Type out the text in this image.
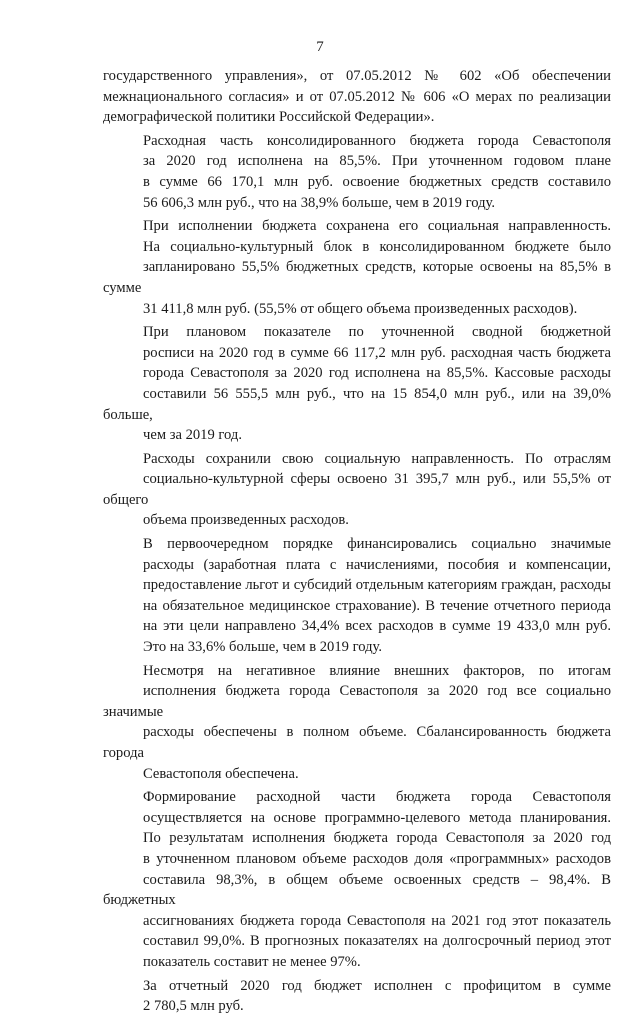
7

государственного управления», от 07.05.2012 № 602 «Об обеспечении
межнационального согласия» и от 07.05.2012 № 606 «О мерах по реализации
демографической политики Российской Федерации».

Расходная часть консолидированного бюджета города Севастополя
за 2020 год исполнена на 85,5%. При уточненном годовом плане
в сумме 66 170,1 млн руб. освоение бюджетных средств составило
56 606,3 млн руб., что на 38,9% больше, чем в 2019 году.

При исполнении бюджета сохранена его социальная направленность.
На социально-культурный блок в консолидированном бюджете было
запланировано 55,5% бюджетных средств, которые освоены на 85,5% в сумме
31 411,8 млн руб. (55,5% от общего объема произведенных расходов).

При плановом показателе по уточненной сводной бюджетной
росписи на 2020 год в сумме 66 117,2 млн руб. расходная часть бюджета
города Севастополя за 2020 год исполнена на 85,5%. Кассовые расходы
составили 56 555,5 млн руб., что на 15 854,0 млн руб., или на 39,0% больше,
чем за 2019 год.

Расходы сохранили свою социальную направленность. По отраслям
социально-культурной сферы освоено 31 395,7 млн руб., или 55,5% от общего
объема произведенных расходов.

В первоочередном порядке финансировались социально значимые
расходы (заработная плата с начислениями, пособия и компенсации,
предоставление льгот и субсидий отдельным категориям граждан, расходы
на обязательное медицинское страхование). В течение отчетного периода
на эти цели направлено 34,4% всех расходов в сумме 19 433,0 млн руб.
Это на 33,6% больше, чем в 2019 году.

Несмотря на негативное влияние внешних факторов, по итогам
исполнения бюджета города Севастополя за 2020 год все социально значимые
расходы обеспечены в полном объеме. Сбалансированность бюджета города
Севастополя обеспечена.

Формирование расходной части бюджета города Севастополя
осуществляется на основе программно-целевого метода планирования.
По результатам исполнения бюджета города Севастополя за 2020 год
в уточненном плановом объеме расходов доля «программных» расходов
составила 98,3%, в общем объеме освоенных средств – 98,4%. В бюджетных
ассигнованиях бюджета города Севастополя на 2021 год этот показатель
составил 99,0%. В прогнозных показателях на долгосрочный период этот
показатель составит не менее 97%.

За отчетный 2020 год бюджет исполнен с профицитом в сумме
2 780,5 млн руб.
